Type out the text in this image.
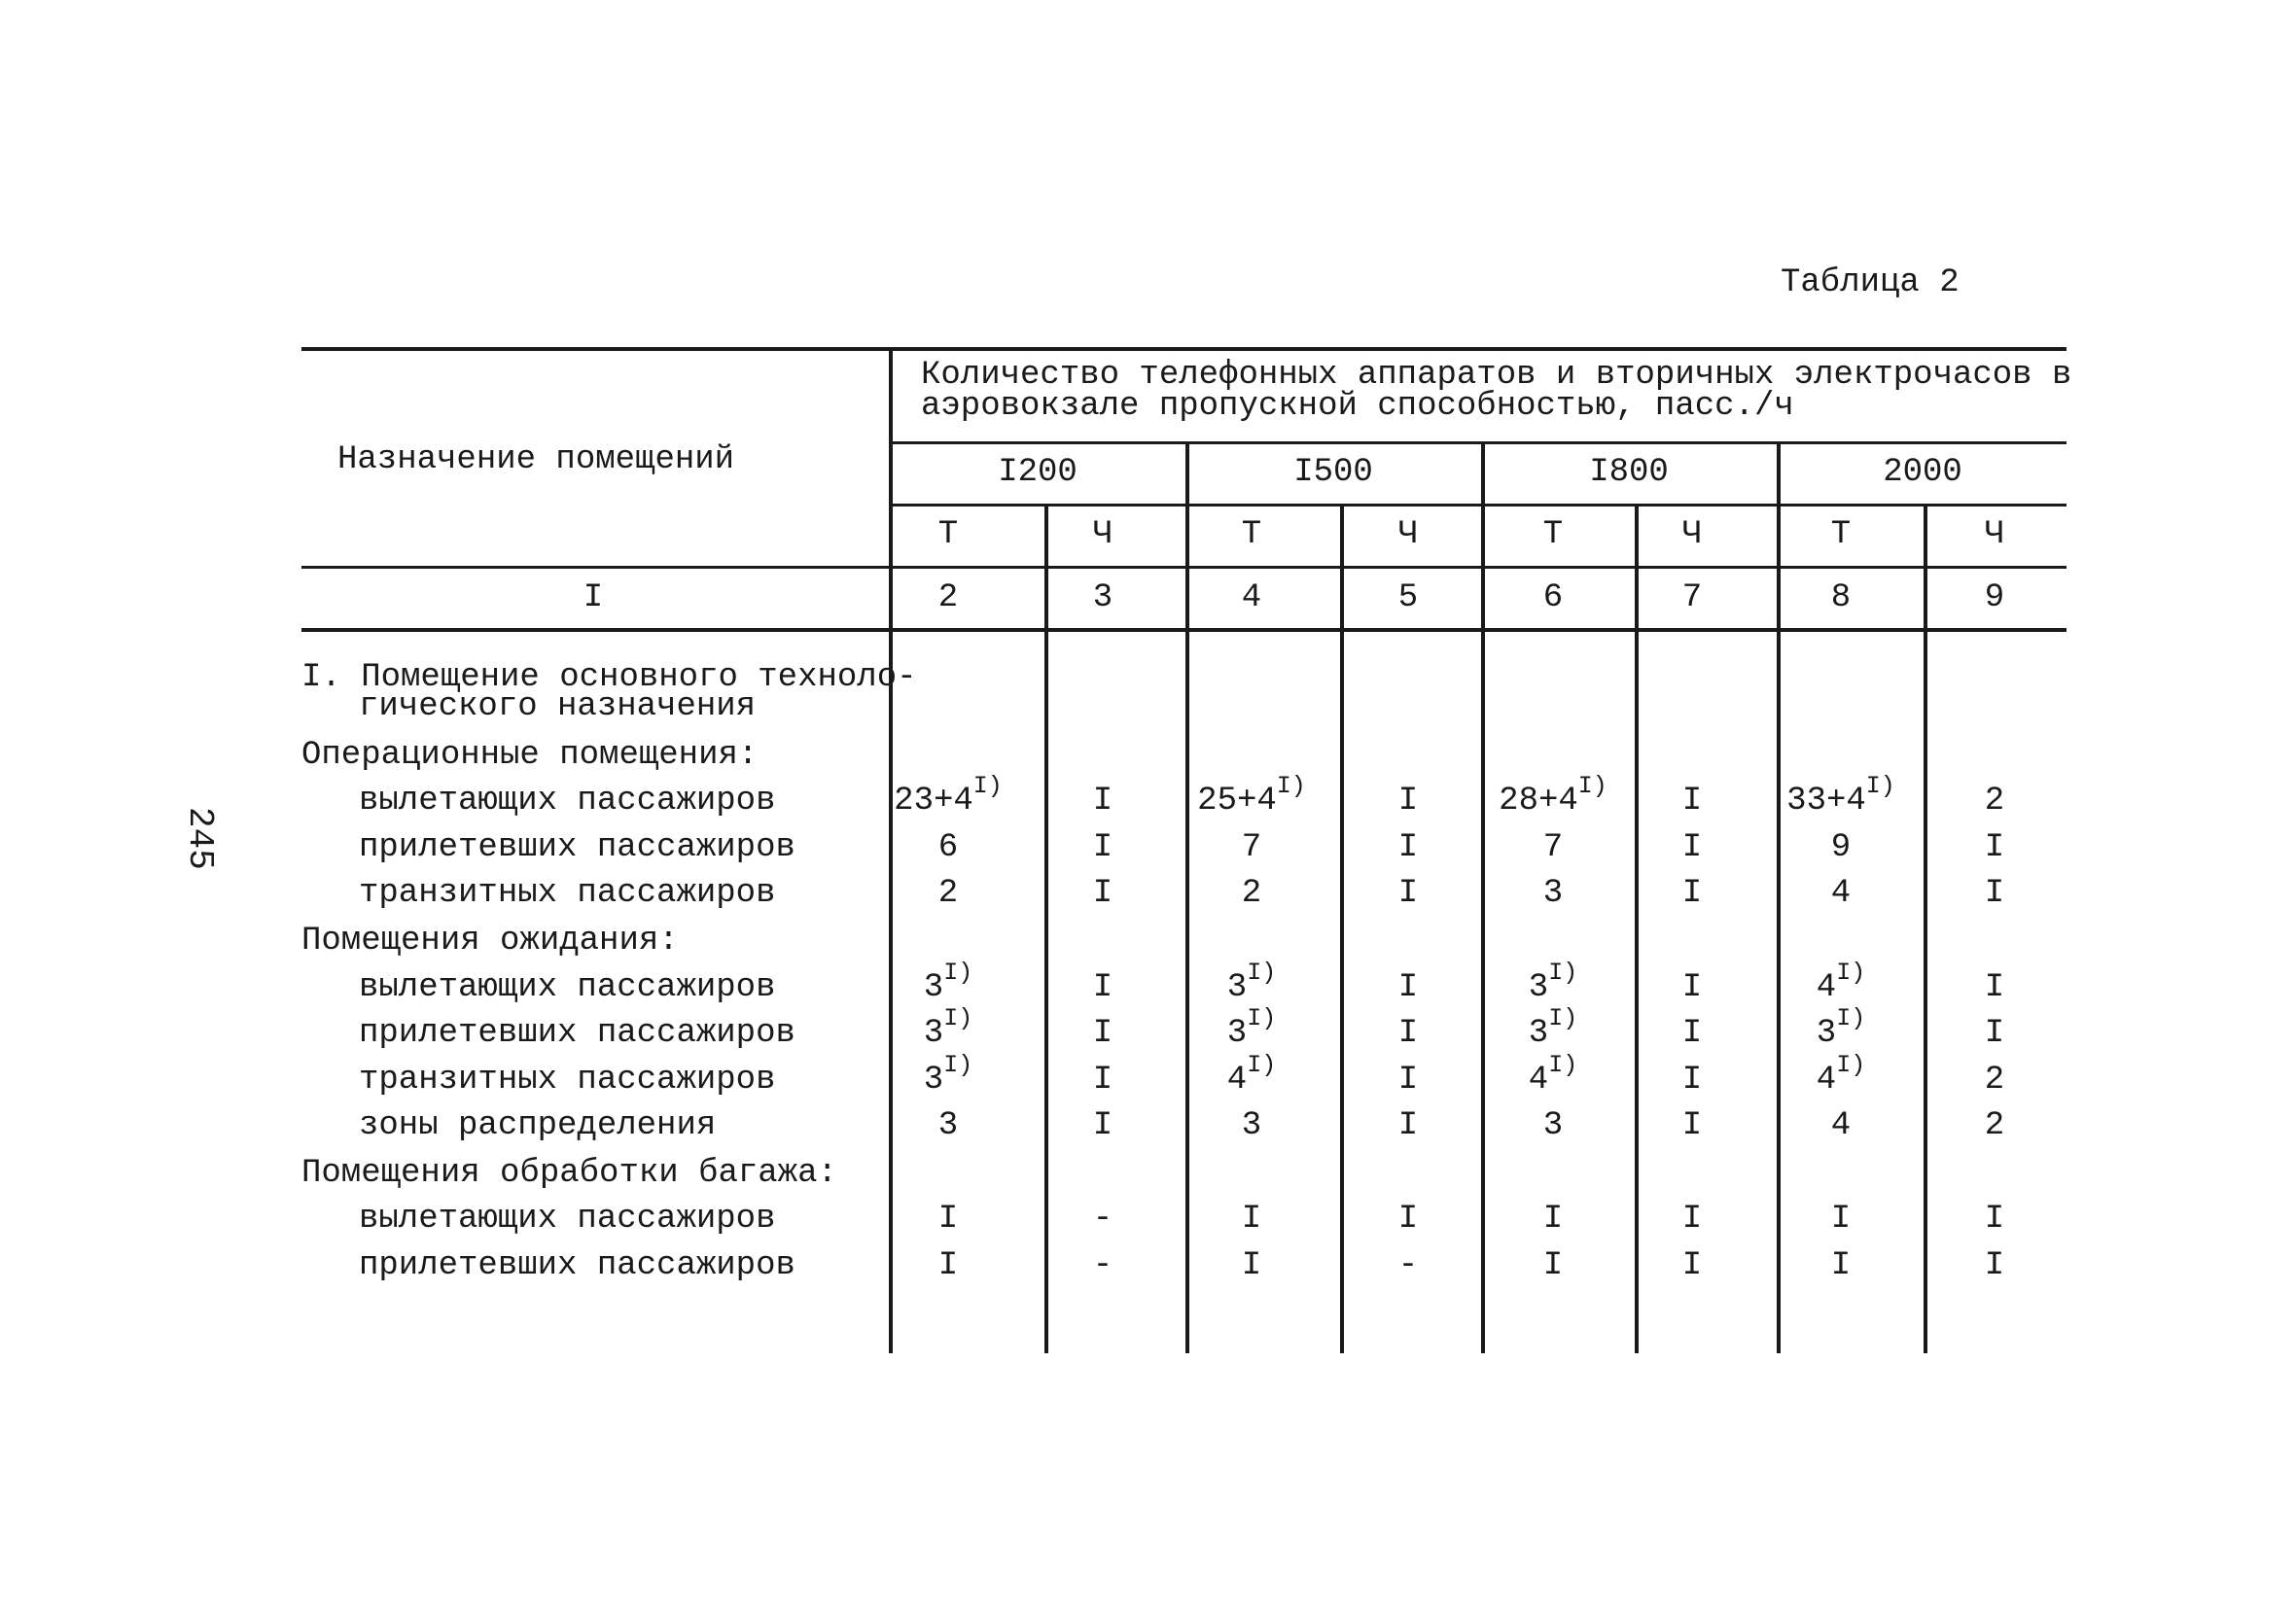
245
Таблица 2
Назначение помещений
Количество телефонных аппаратов и вторичных электрочасов в
аэровокзале пропускной способностью, пасс./ч
I200	I500	I800	2000
Т	Ч	Т	Ч	Т	Ч	Т	Ч
I	2	3	4	5	6	7	8	9
I. Помещение основного техноло-
гического назначения
Операционные помещения:
вылетающих пассажиров	$23+4^{I)}$	I	$25+4^{I)}$	I	$28+4^{I)}$	I	$33+4^{I)}$	2
прилетевших пассажиров	6	I	7	I	7	I	9	I
транзитных пассажиров	2	I	2	I	3	I	4	I
Помещения ожидания:
вылетающих пассажиров	$3^{I)}$	I	$3^{I)}$	I	$3^{I)}$	I	$4^{I)}$	I
прилетевших пассажиров	$3^{I)}$	I	$3^{I)}$	I	$3^{I)}$	I	$3^{I)}$	I
транзитных пассажиров	$3^{I)}$	I	$4^{I)}$	I	$4^{I)}$	I	$4^{I)}$	2
зоны распределения	3	I	3	I	3	I	4	2
Помещения обработки багажа:
вылетающих пассажиров	I	-	I	I	I	I	I	I
прилетевших пассажиров	I	-	I	-	I	I	I	I
